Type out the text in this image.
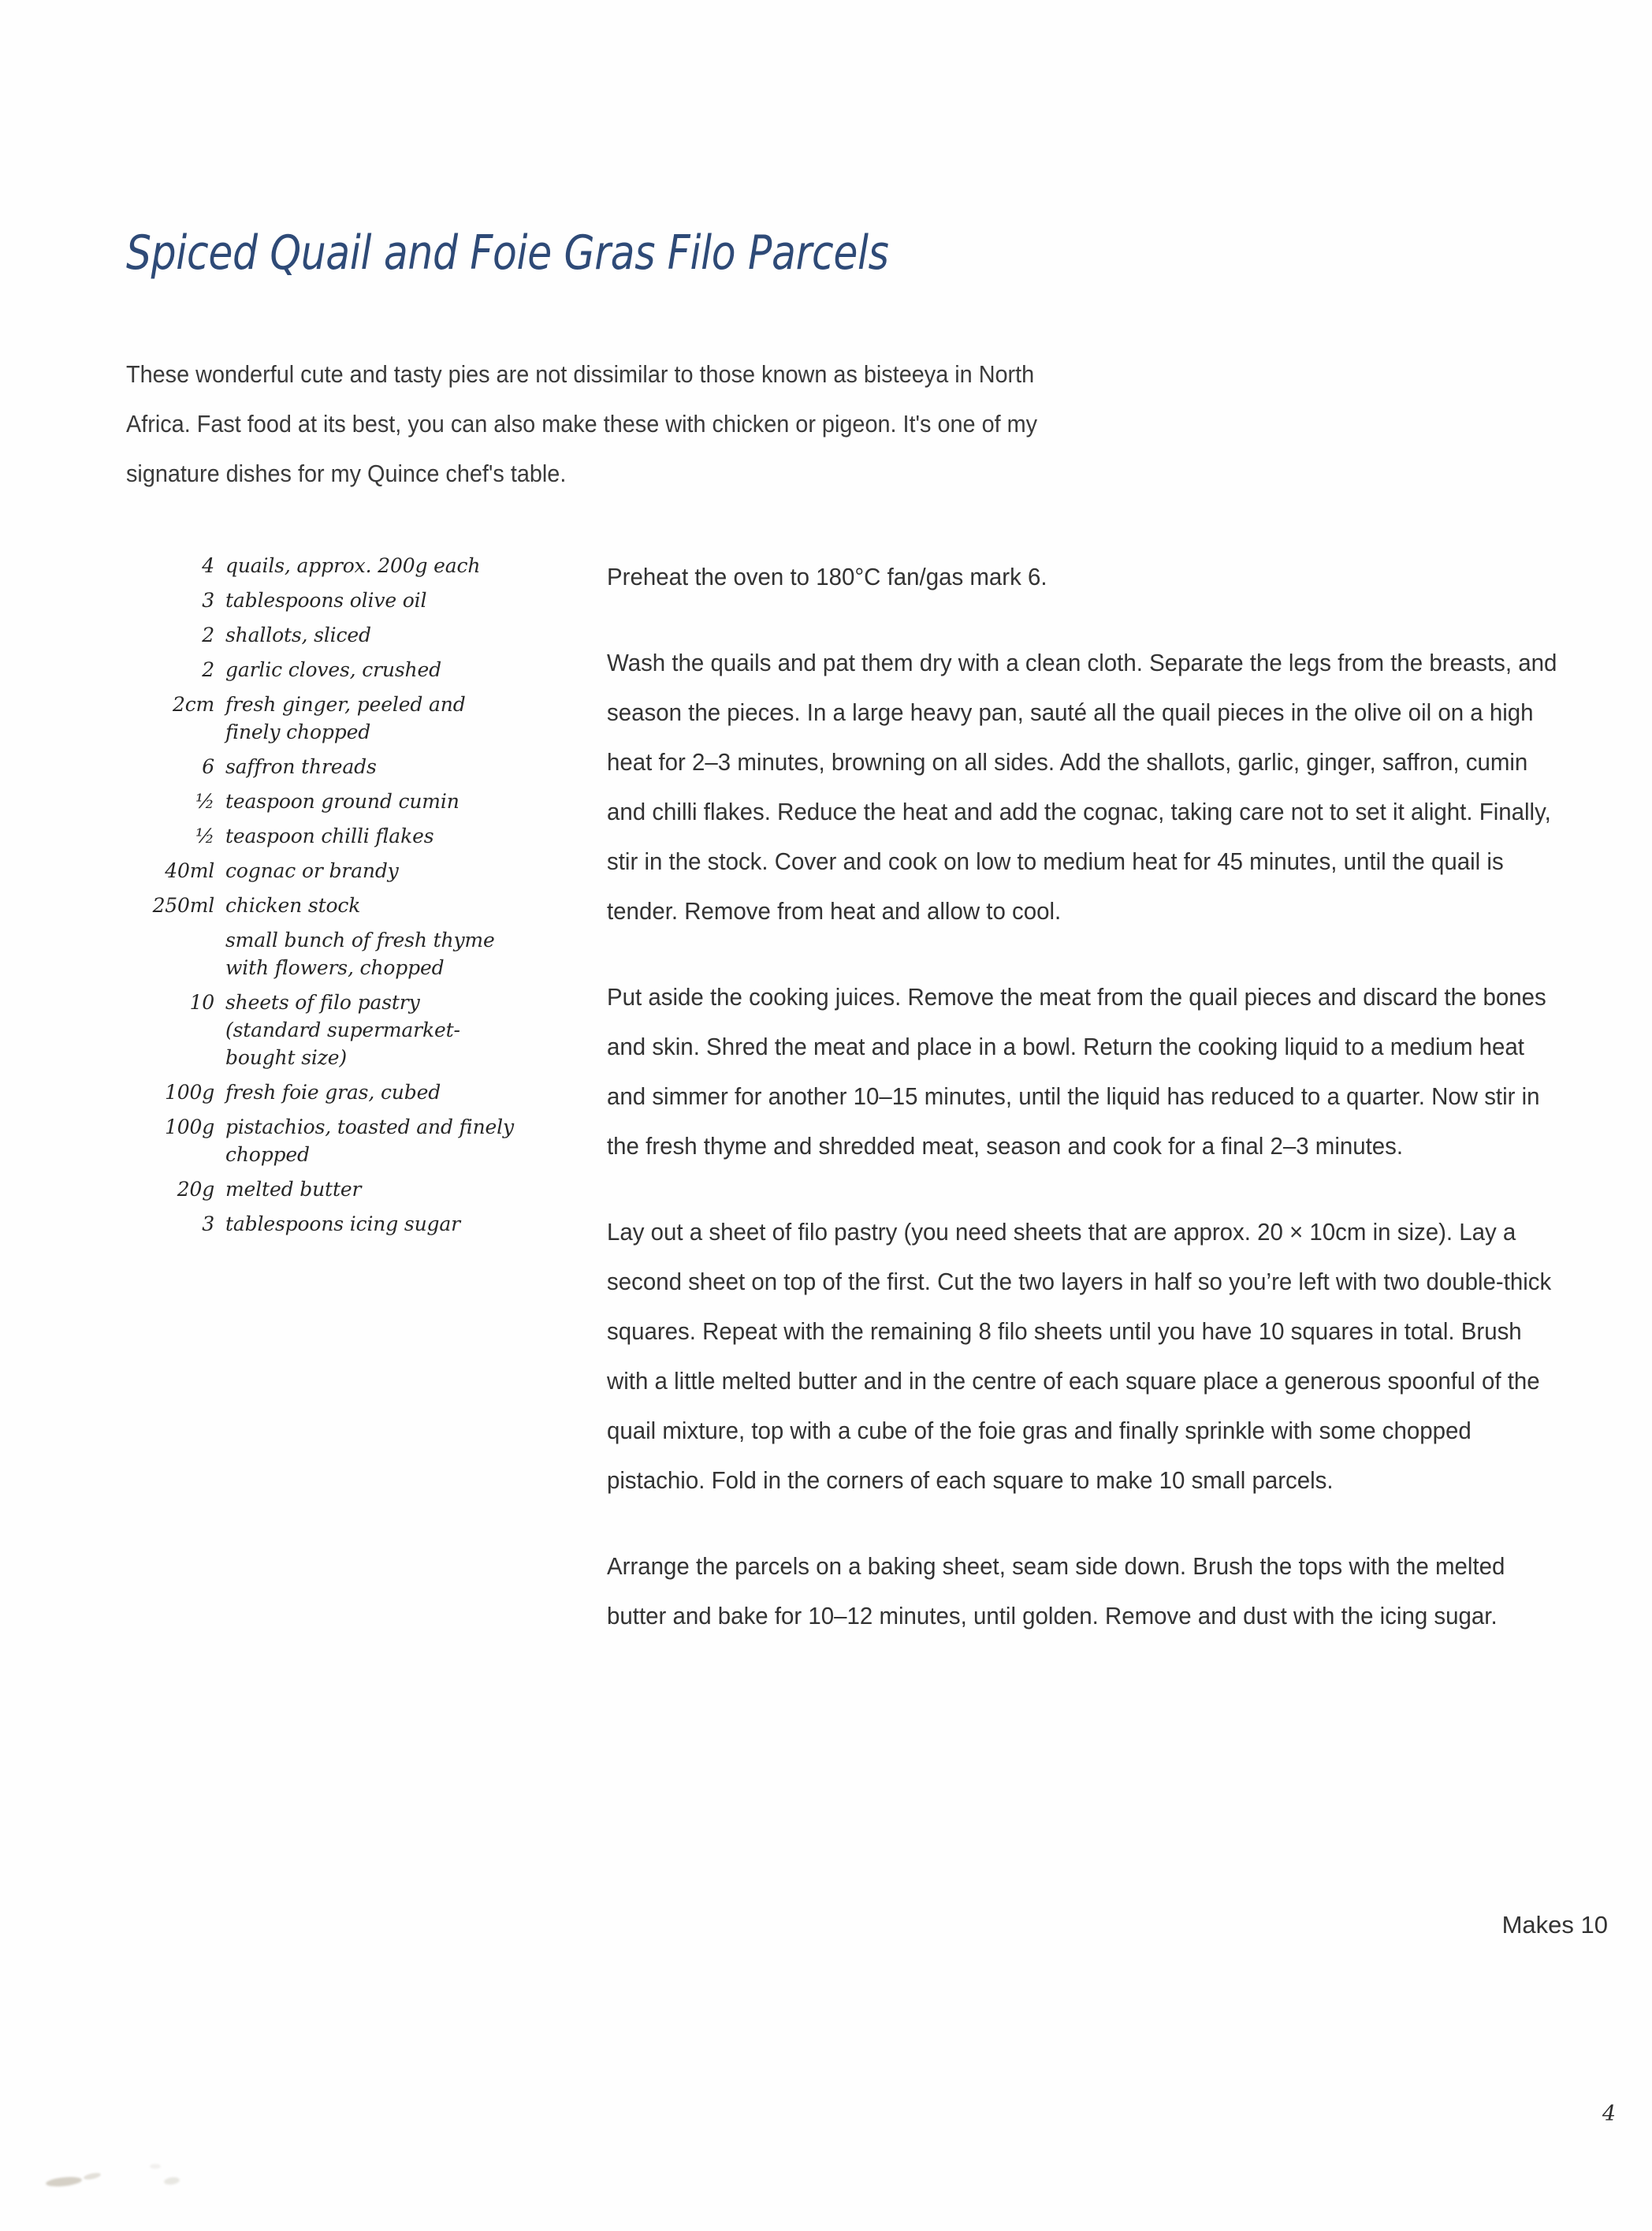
Spiced Quail and Foie Gras Filo Parcels

These wonderful cute and tasty pies are not dissimilar to those known as bisteeya in North Africa. Fast food at its best, you can also make these with chicken or pigeon. It's one of my signature dishes for my Quince chef's table.

4 quails, approx. 200g each
3 tablespoons olive oil
2 shallots, sliced
2 garlic cloves, crushed
2cm fresh ginger, peeled and finely chopped
6 saffron threads
½ teaspoon ground cumin
½ teaspoon chilli flakes
40ml cognac or brandy
250ml chicken stock
small bunch of fresh thyme with flowers, chopped
10 sheets of filo pastry (standard supermarket-bought size)
100g fresh foie gras, cubed
100g pistachios, toasted and finely chopped
20g melted butter
3 tablespoons icing sugar

Preheat the oven to 180°C fan/gas mark 6.

Wash the quails and pat them dry with a clean cloth. Separate the legs from the breasts, and season the pieces. In a large heavy pan, sauté all the quail pieces in the olive oil on a high heat for 2–3 minutes, browning on all sides. Add the shallots, garlic, ginger, saffron, cumin and chilli flakes. Reduce the heat and add the cognac, taking care not to set it alight. Finally, stir in the stock. Cover and cook on low to medium heat for 45 minutes, until the quail is tender. Remove from heat and allow to cool.

Put aside the cooking juices. Remove the meat from the quail pieces and discard the bones and skin. Shred the meat and place in a bowl. Return the cooking liquid to a medium heat and simmer for another 10–15 minutes, until the liquid has reduced to a quarter. Now stir in the fresh thyme and shredded meat, season and cook for a final 2–3 minutes.

Lay out a sheet of filo pastry (you need sheets that are approx. 20 × 10cm in size). Lay a second sheet on top of the first. Cut the two layers in half so you’re left with two double-thick squares. Repeat with the remaining 8 filo sheets until you have 10 squares in total. Brush with a little melted butter and in the centre of each square place a generous spoonful of the quail mixture, top with a cube of the foie gras and finally sprinkle with some chopped pistachio. Fold in the corners of each square to make 10 small parcels.

Arrange the parcels on a baking sheet, seam side down. Brush the tops with the melted butter and bake for 10–12 minutes, until golden. Remove and dust with the icing sugar.

Makes 10
4
